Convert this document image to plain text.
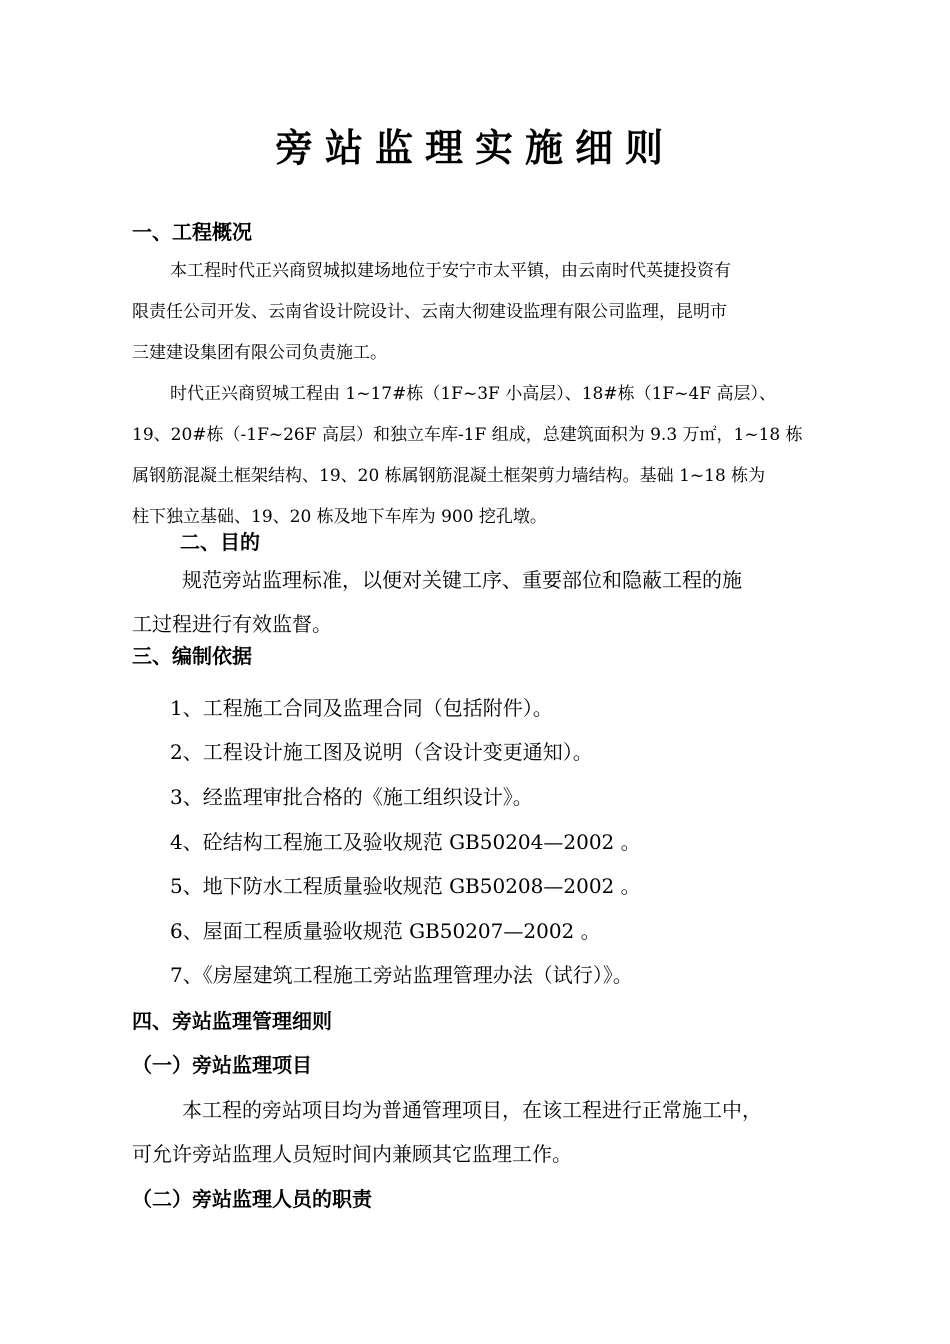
旁站监理实施细则
一、工程概况
本工程时代正兴商贸城拟建场地位于安宁市太平镇，由云南时代英捷投资有
限责任公司开发、云南省设计院设计、云南大彻建设监理有限公司监理，昆明市
三建建设集团有限公司负责施工。
时代正兴商贸城工程由 1~17#栋（1F~3F 小高层）、18#栋（1F~4F 高层）、
19、20#栋（-1F~26F 高层）和独立车库-1F 组成，总建筑面积为 9.3 万㎡，1~18 栋
属钢筋混凝土框架结构、19、20 栋属钢筋混凝土框架剪力墙结构。基础 1~18 栋为
柱下独立基础、19、20 栋及地下车库为 900 挖孔墩。
二、目的
规范旁站监理标准，以便对关键工序、重要部位和隐蔽工程的施
工过程进行有效监督。
三、编制依据
1、工程施工合同及监理合同（包括附件）。
2、工程设计施工图及说明（含设计变更通知）。
3、经监理审批合格的《施工组织设计》。
4、砼结构工程施工及验收规范 GB50204—2002 。
5、地下防水工程质量验收规范 GB50208—2002 。
6、屋面工程质量验收规范 GB50207—2002 。
7、《房屋建筑工程施工旁站监理管理办法（试行）》。
四、旁站监理管理细则
（一）旁站监理项目
本工程的旁站项目均为普通管理项目，在该工程进行正常施工中，
可允许旁站监理人员短时间内兼顾其它监理工作。
（二）旁站监理人员的职责
